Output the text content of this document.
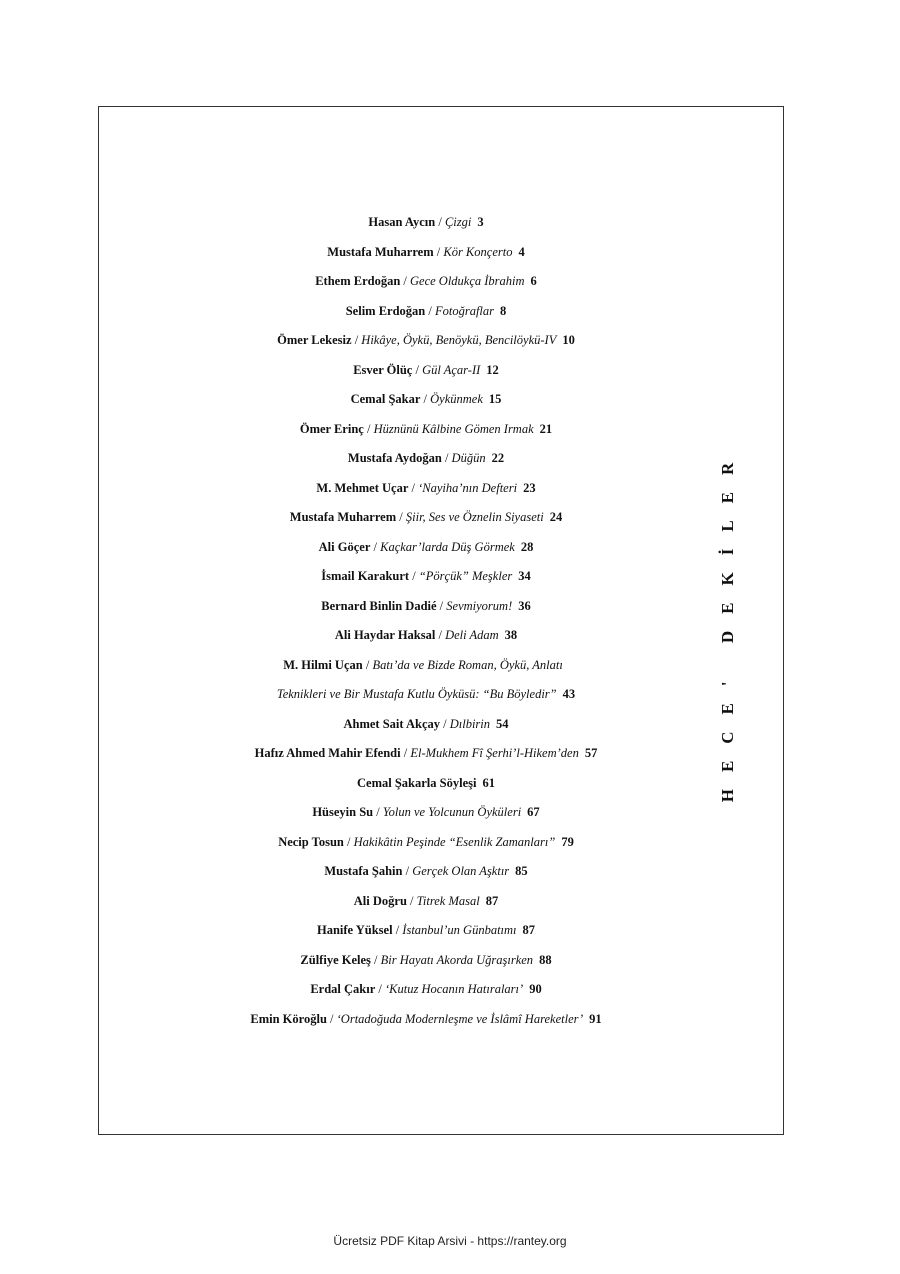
Hasan Aycın / Çizgi 3
Mustafa Muharrem / Kör Konçerto 4
Ethem Erdoğan / Gece Oldukça İbrahim 6
Selim Erdoğan / Fotoğraflar 8
Ömer Lekesiz / Hikâye, Öykü, Benöykü, Bencilöykü-IV 10
Esver Ölüç / Gül Açar-II 12
Cemal Şakar / Öykünmek 15
Ömer Erinç / Hüznünü Kâlbine Gömen Irmak 21
Mustafa Aydoğan / Düğün 22
M. Mehmet Uçar / ‘Nayiha’nın Defteri 23
Mustafa Muharrem / Şiir, Ses ve Öznelin Siyaseti 24
Ali Göçer / Kaçkar’larda Düş Görmek 28
İsmail Karakurt / “Pörçük” Meşkler 34
Bernard Binlin Dadié / Sevmiyorum! 36
Ali Haydar Haksal / Deli Adam 38
M. Hilmi Uçan / Batı’da ve Bizde Roman, Öykü, Anlatı
Teknikleri ve Bir Mustafa Kutlu Öyküsü: “Bu Böyledir” 43
Ahmet Sait Akçay / Dılbirin 54
Hafız Ahmed Mahir Efendi / El-Mukhem Fî Şerhi’l-Hikem’den 57
Cemal Şakarla Söyleşi 61
Hüseyin Su / Yolun ve Yolcunun Öyküleri 67
Necip Tosun / Hakikâtin Peşinde “Esenlik Zamanları” 79
Mustafa Şahin / Gerçek Olan Aşktır 85
Ali Doğru / Titrek Masal 87
Hanife Yüksel / İstanbul’un Günbatımı 87
Zülfiye Keleş / Bir Hayatı Akorda Uğraşırken 88
Erdal Çakır / ‘Kutuz Hocanın Hatıraları’ 90
Emin Köroğlu / ‘Ortadoğuda Modernleşme ve İslâmî Hareketler’ 91
HECE' DEKİLER
Ücretsiz PDF Kitap Arsivi - https://rantey.org
